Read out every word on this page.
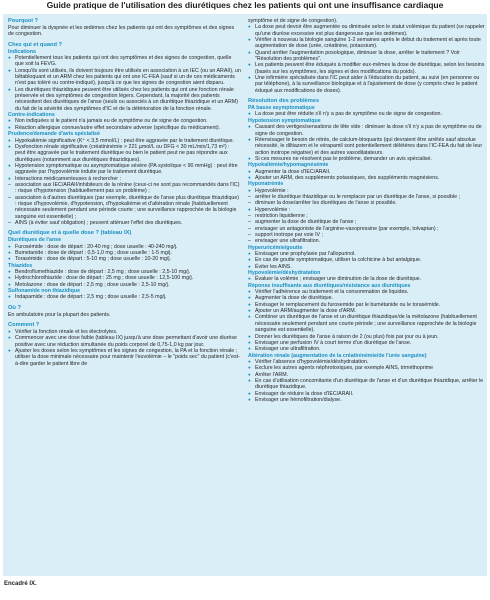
Guide pratique de l'utilisation des diurétiques chez les patients qui ont une insuffisance cardiaque

Pourquoi ?

Pour diminuer la dyspnée et les œdèmes chez les patients qui ont des symptômes et des signes de congestion.

Chez qui et quand ?

Indications

● Potentiellement tous les patients qui ont des symptômes et des signes de congestion, quelle que soit la FEVG.

● Lorsqu'ils sont utilisés, ils doivent toujours être utilisés en association à un IEC (ou un ARAII), un bêtabloquant et un ARM chez les patients qui ont une IC-FEA (sauf si un de ces médicaments n'est pas toléré ou contre-indiqué), jusqu'à ce que les signes de congestion aient disparu.

● Les diurétiques thiazidiques peuvent être utilisés chez les patients qui ont une fonction rénale préservée et des symptômes de congestion légers. Cependant, la majorité des patients nécessitent des diurétiques de l'anse (seuls ou associés à un diurétique thiazidique et un ARM) du fait de la sévérité des symptômes d'IC et de la détérioration de la fonction rénale.

Contre-indications

● Non indiquées si le patient n'a jamais eu de symptôme ou de signe de congestion.

● Réaction allergique connue/autre effet secondaire adverse (spécifique du médicament).

Prudence/demande d'avis spécialisé

● Hypokaliémie significative (K⁺ < 3,5 mmol/L) : peut être aggravée par le traitement diurétique.

● Dysfonction rénale significative (créatininémie > 221 µmol/L ou DFG < 30 mL/min/1,73 m²) : peut être aggravée par le traitement diurétique ou bien le patient peut ne pas répondre aux diurétiques (notamment aux diurétiques thiazidiques).

● Hypotension symptomatique ou asymptomatique sévère (PA systolique < 90 mmHg) : peut être aggravée par l'hypovolémie induite par le traitement diurétique.

● Interactions médicamenteuses à rechercher :

– association aux IEC/ARAII/inhibiteurs de la rénine (ceux-ci ne sont pas recommandés dans l'IC) : risque d'hypotension (habituellement pas un problème) ;

– association à d'autres diurétiques (par exemple, diurétique de l'anse plus diurétique thiazidique) : risque d'hypovolémie, d'hypotension, d'hypokaliémie et d'altération rénale (habituellement nécessaire seulement pendant une période courte ; une surveillance rapprochée de la biologie sanguine est essentielle) ;

– AINS (à éviter sauf obligation) ; peuvent atténuer l'effet des diurétiques.

Quel diurétique et à quelle dose ? (tableau IX)

Diurétiques de l'anse

● Furosémide : dose de départ : 20-40 mg ; dose usuelle : 40-240 mg/j.

● Bumetanide : dose de départ : 0,5-1,0 mg ; dose usuelle : 1-5 mg/j.

● Torasémide : dose de départ : 5-10 mg ; dose usuelle : 10-20 mg/j.

Thiazides

● Bendroflumethiazide : dose de départ : 2,5 mg ; dose usuelle : 2,5-10 mg/j.

● Hydrochlorothiazide : dose de départ : 25 mg ; dose usuelle : 12,5-100 mg/j.

● Metolazone : dose de départ : 2,5 mg ; dose usuelle : 2,5-10 mg/j.

Sulfonamide non thiazidique

● Indapamide : dose de départ : 2,5 mg ; dose usuelle : 2,5-5 mg/j.

Où ?

En ambulatoire pour la plupart des patients.

Comment ?

● Vérifier la fonction rénale et les électrolytes.

● Commencer avec une dose faible (tableau IX) jusqu'à une dose permettant d'avoir une diurèse positive avec une réduction simultanée du poids corporel de 0,75-1,0 kg par jour.

● Ajuster les doses selon les symptômes et les signes de congestion, la PA et la fonction rénale ; utiliser la dose minimale nécessaire pour maintenir l'euvolémie – le "poids sec" du patient (c'est-à-dire garder le patient libre de

symptôme et de signe de congestion).

● La dose peut devoir être augmentée ou diminuée selon le statut volémique du patient (se rappeler qu'une diurèse excessive est plus dangereuse que les œdèmes).

● Vérifier à nouveau la biologie sanguine 1-2 semaines après le début du traitement et après toute augmentation de dose (urée, créatinine, potassium).

● Quand arrêter l'augmentation posologique, diminuer la dose, arrêter le traitement ? Voir "Résolution des problèmes".

● Les patients peuvent être éduqués à modifier eux-mêmes la dose de diurétique, selon les besoins (basés sur les symptômes, les signes et des modifications du poids).

● Une infirmière spécialisée dans l'IC peut aider à l'éducation du patient, au suivi (en personne ou par téléphone), à la surveillance biologique et à l'ajustement de dose (y compris chez le patient éduqué aux modifications de doses).

Résolution des problèmes

PA basse asymptomatique

● La dose peut être réduite s'il n'y a pas de symptôme ou de signe de congestion.

Hypotension symptomatique

● Causant des vertiges/sensations de tête vide : diminuer la dose s'il n'y a pas de symptôme ou de signe de congestion.

● Réenvisager le besoin de nitrés, de calcium-bloquants (qui devraient être arrêtés sauf absolue nécessité, le diltiazem et le vérapamil sont potentiellement délétères dans l'IC-FEA du fait de leur action inotrope négative) et des autres vasodilatateurs.

● Si ces mesures ne résolvent pas le problème, demander un avis spécialisé.

Hypokaliémie/hypomagnésémie

● Augmenter la dose d'IEC/ARAII.

● Ajouter un ARM, des suppléments potassiques, des suppléments magnésiens.

Hyponatrémie

● Hypovolémie :

– arrêter le diurétique thiazidique ou le remplacer par un diurétique de l'anse, si possible ;

– diminuer la dose/arrêter les diurétiques de l'anse si possible.

● Hypervolémie :

– restriction liquidienne ;

– augmenter la dose de diurétique de l'anse ;

– envisager un antagoniste de l'arginine-vasopressine (par exemple, tolvaptan) ;

– support inotrope par voie IV ;

– envisager une ultrafiltration.

Hyperuricémie/goutte

● Envisager une prophylaxie par l'allopurinol.

● En cas de goutte symptomatique, utiliser la colchicine à but antalgique.

● Éviter les AINS.

Hypovolémie/déshydratation

● Évaluer la volémie ; envisager une diminution de la dose de diurétique.

Réponse insuffisante aux diurétiques/résistance aux diurétiques

● Vérifier l'adhérence au traitement et la consommation de liquides.

● Augmenter la dose de diurétique.

● Envisager le remplacement du furosemide par le bumétanide ou le torasémide.

● Ajouter un ARM/augmenter la dose d'ARM.

● Combiner un diurétique de l'anse et un diurétique thiazidique/de la métolazone (habituellement nécessaire seulement pendant une courte période ; une surveillance rapprochée de la biologie sanguine est essentielle).

● Donner les diurétiques de l'anse à raison de 2 (ou plus) fois par jour ou à jeun.

● Envisager une perfusion IV à court terme d'un diurétique de l'anse.

● Envisager une ultrafiltration.

Altération rénale (augmentation de la créatininémie/de l'urée sanguine)

● Vérifier l'absence d'hypovolémie/déshydratation.

● Exclure les autres agents néphrotoxiques, par exemple AINS, triméthoprime

● Arrêter l'ARM.

● En cas d'utilisation concomitante d'un diurétique de l'anse et d'un diurétique thiazidique, arrêter le diurétique thiazidique.

● Envisager de réduire la dose d'IEC/ARAII.

● Envisager une hémofiltration/dialyse.

Encadré IX.
